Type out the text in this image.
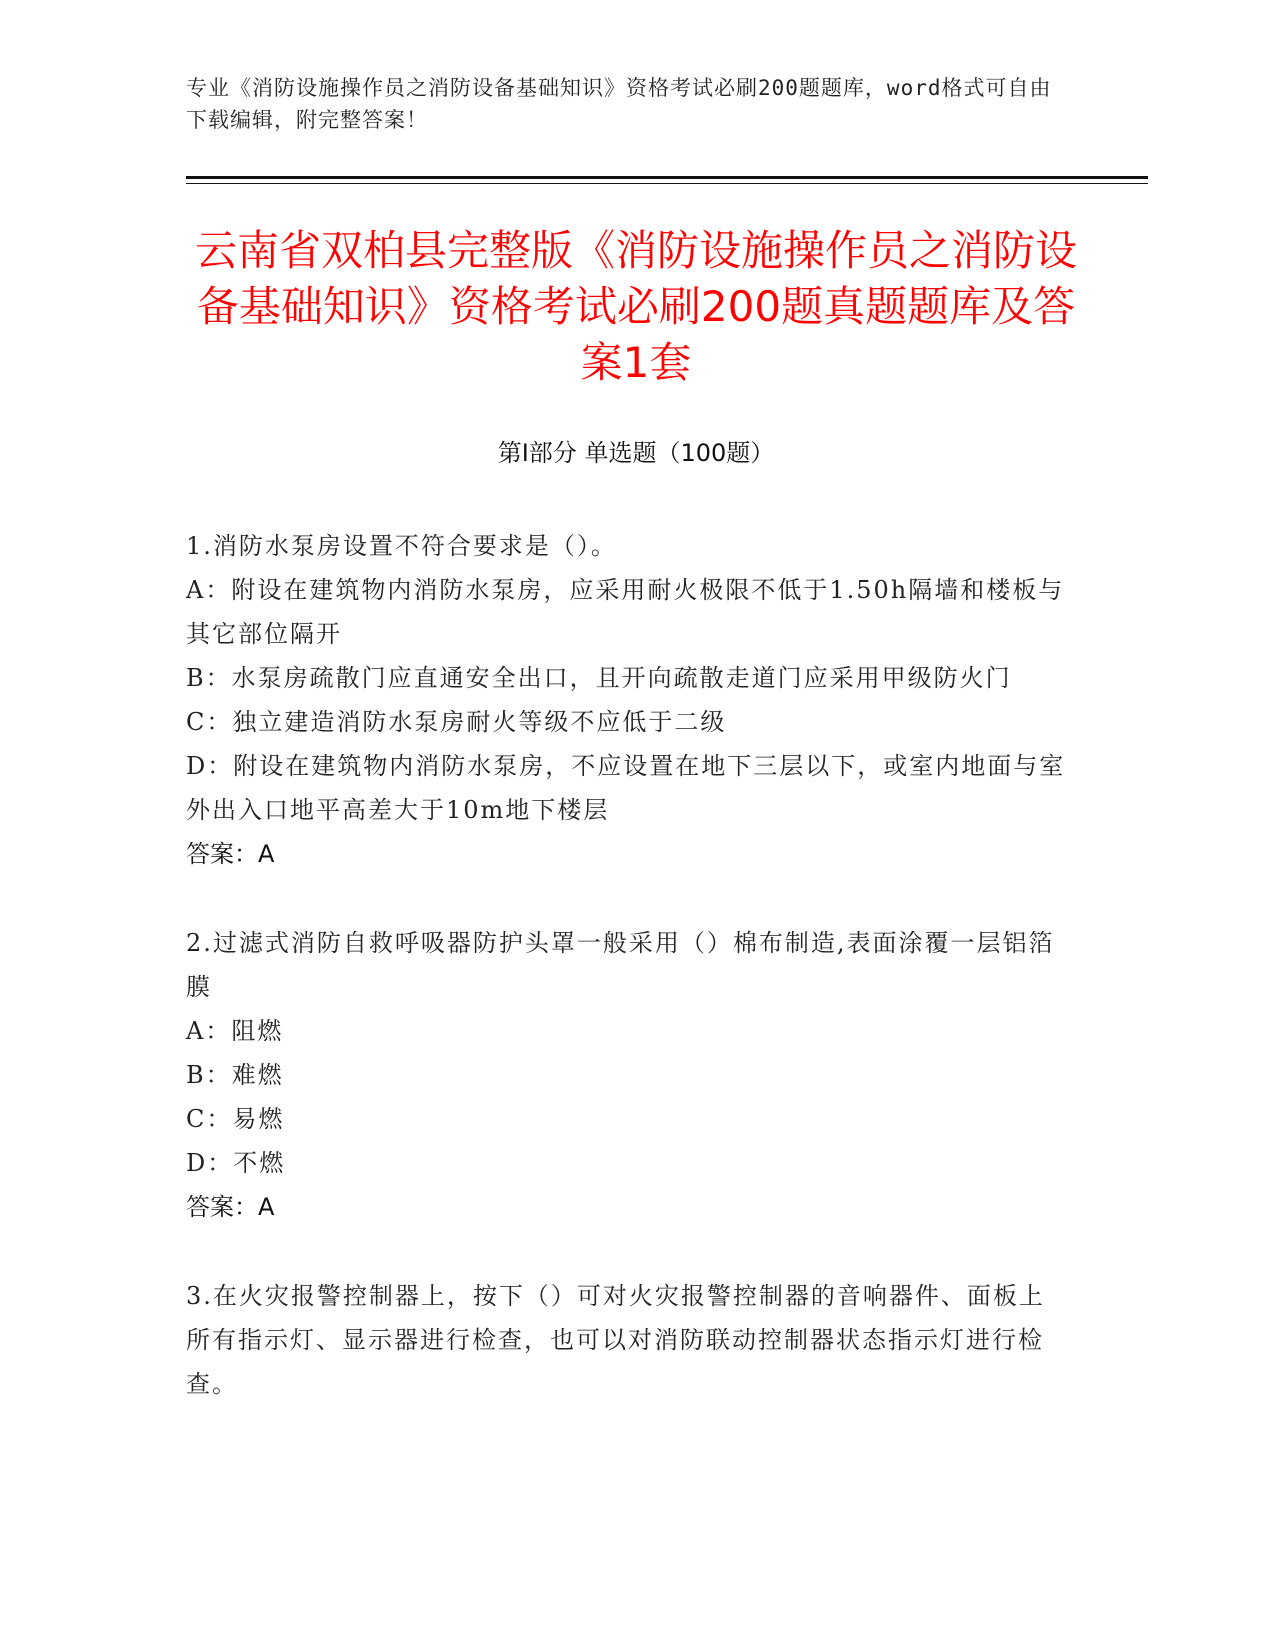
专业《消防设施操作员之消防设备基础知识》资格考试必刷200题题库，word格式可自由下载编辑，附完整答案！
云南省双柏县完整版《消防设施操作员之消防设备基础知识》资格考试必刷200题真题题库及答案1套
第I部分 单选题（100题）
1.消防水泵房设置不符合要求是（）。
A：附设在建筑物内消防水泵房，应采用耐火极限不低于1.50h隔墙和楼板与其它部位隔开
B：水泵房疏散门应直通安全出口，且开向疏散走道门应采用甲级防火门
C：独立建造消防水泵房耐火等级不应低于二级
D：附设在建筑物内消防水泵房，不应设置在地下三层以下，或室内地面与室外出入口地平高差大于10m地下楼层
答案：A
2.过滤式消防自救呼吸器防护头罩一般采用（）棉布制造,表面涂覆一层铝箔膜
A：阻燃
B：难燃
C：易燃
D：不燃
答案：A
3.在火灾报警控制器上，按下（）可对火灾报警控制器的音响器件、面板上所有指示灯、显示器进行检查，也可以对消防联动控制器状态指示灯进行检查。
